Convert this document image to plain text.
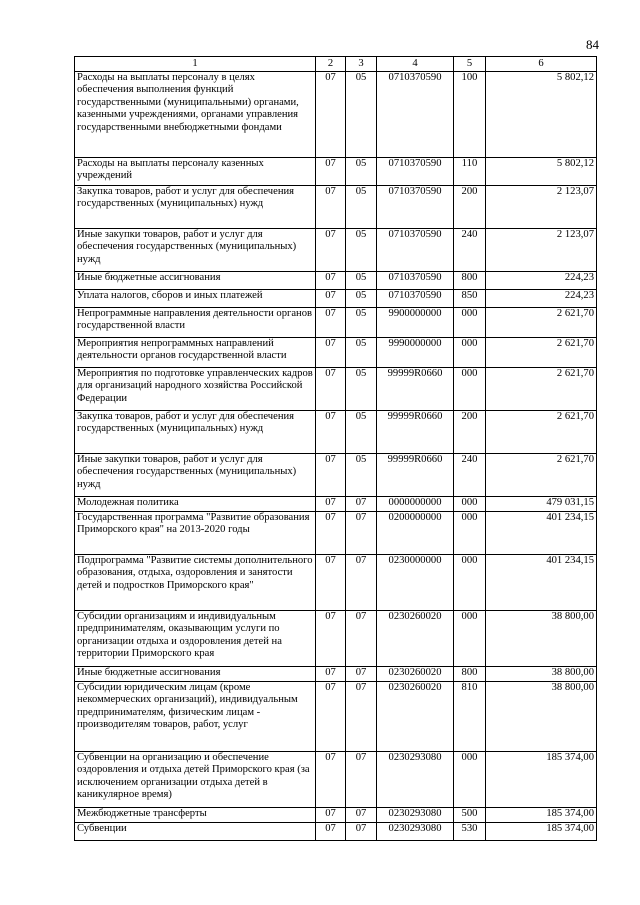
84
1	2	3	4	5	6
Расходы на выплаты персоналу в целях обеспечения выполнения функций государственными (муниципальными) органами, казенными учреждениями, органами управления государственными внебюджетными фондами	07	05	0710370590	100	5 802,12
Расходы на выплаты персоналу казенных учреждений	07	05	0710370590	110	5 802,12
Закупка товаров, работ и услуг для обеспечения государственных (муниципальных) нужд	07	05	0710370590	200	2 123,07
Иные закупки товаров, работ и услуг для обеспечения государственных (муниципальных) нужд	07	05	0710370590	240	2 123,07
Иные бюджетные ассигнования	07	05	0710370590	800	224,23
Уплата налогов, сборов и иных платежей	07	05	0710370590	850	224,23
Непрограммные направления деятельности органов государственной власти	07	05	9900000000	000	2 621,70
Мероприятия непрограммных направлений деятельности органов государственной власти	07	05	9990000000	000	2 621,70
Мероприятия по подготовке управленческих кадров для организаций народного хозяйства Российской Федерации	07	05	99999R0660	000	2 621,70
Закупка товаров, работ и услуг для обеспечения государственных (муниципальных) нужд	07	05	99999R0660	200	2 621,70
Иные закупки товаров, работ и услуг для обеспечения государственных (муниципальных) нужд	07	05	99999R0660	240	2 621,70
Молодежная политика	07	07	0000000000	000	479 031,15
Государственная программа "Развитие образования Приморского края" на 2013-2020 годы	07	07	0200000000	000	401 234,15
Подпрограмма "Развитие системы дополнительного образования, отдыха, оздоровления и занятости детей и подростков Приморского края"	07	07	0230000000	000	401 234,15
Субсидии организациям и индивидуальным предпринимателям, оказывающим услуги по организации отдыха и оздоровления детей на территории Приморского края	07	07	0230260020	000	38 800,00
Иные бюджетные ассигнования	07	07	0230260020	800	38 800,00
Субсидии юридическим лицам (кроме некоммерческих организаций), индивидуальным предпринимателям, физическим лицам - производителям товаров, работ, услуг	07	07	0230260020	810	38 800,00
Субвенции на организацию и обеспечение оздоровления и отдыха детей Приморского края (за исключением организации отдыха детей в каникулярное время)	07	07	0230293080	000	185 374,00
Межбюджетные трансферты	07	07	0230293080	500	185 374,00
Субвенции	07	07	0230293080	530	185 374,00
